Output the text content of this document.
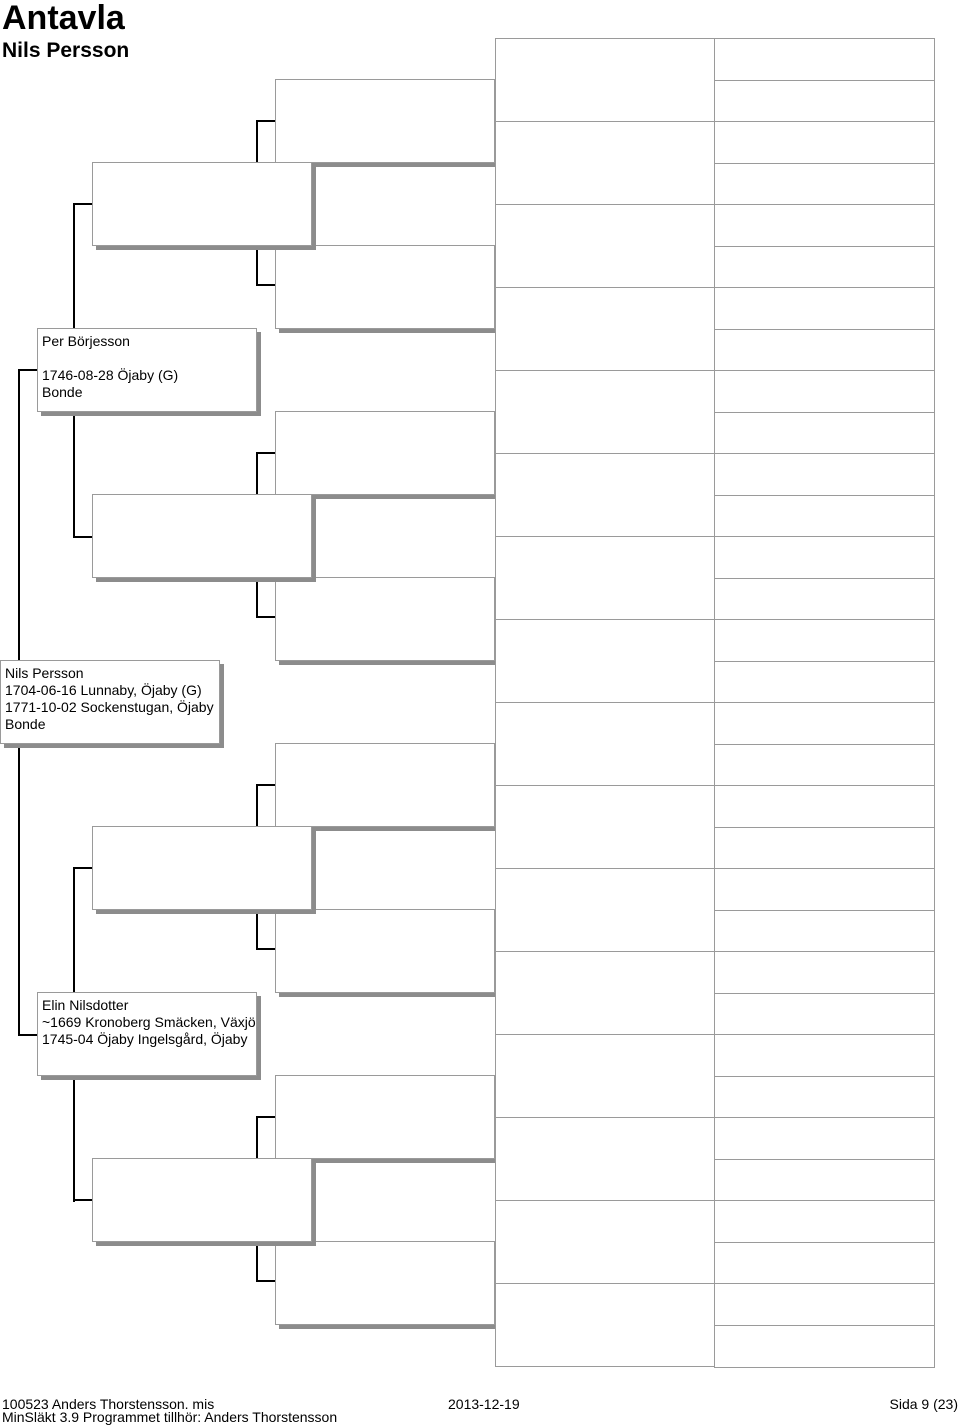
Antavla
Nils Persson
Per Börjesson
1746-08-28 Öjaby (G)
Bonde
Elin Nilsdotter
~1669 Kronoberg Smäcken, Växjö
1745-04 Öjaby Ingelsgård, Öjaby
Nils Persson
1704-06-16 Lunnaby, Öjaby (G)
1771-10-02 Sockenstugan, Öjaby
Bonde
100523 Anders Thorstensson. mis	2013-12-19	Sida 9 (23)
MinSläkt 3.9 Programmet tillhör: Anders Thorstensson
